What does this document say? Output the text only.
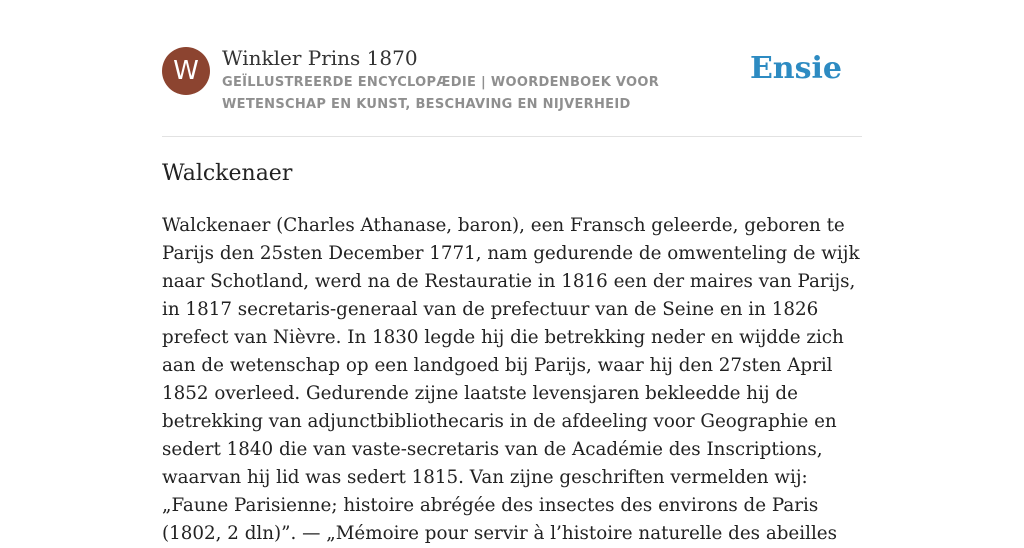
W	Winkler Prins 1870
GEÏLLUSTREERDE ENCYCLOPÆDIE | WOORDENBOEK VOOR WETENSCHAP EN KUNST, BESCHAVING EN NIJVERHEID
Ensie
Walckenaer

Walckenaer (Charles Athanase, baron), een Fransch geleerde, geboren te Parijs den 25sten December 1771, nam gedurende de omwenteling de wijk naar Schotland, werd na de Restauratie in 1816 een der maires van Parijs, in 1817 secretaris-generaal van de prefectuur van de Seine en in 1826 prefect van Nièvre. In 1830 legde hij die betrekking neder en wijdde zich aan de wetenschap op een landgoed bij Parijs, waar hij den 27sten April 1852 overleed. Gedurende zijne laatste levensjaren bekleedde hij de betrekking van adjunctbibliothecaris in de afdeeling voor Geographie en sedert 1840 die van vaste-secretaris van de Académie des Inscriptions, waarvan hij lid was sedert 1815. Van zijne geschriften vermelden wij: „Faune Parisienne; histoire abrégée des insectes des environs de Paris (1802, 2 dln)”. — „Mémoire pour servir à l’histoire naturelle des abeilles
